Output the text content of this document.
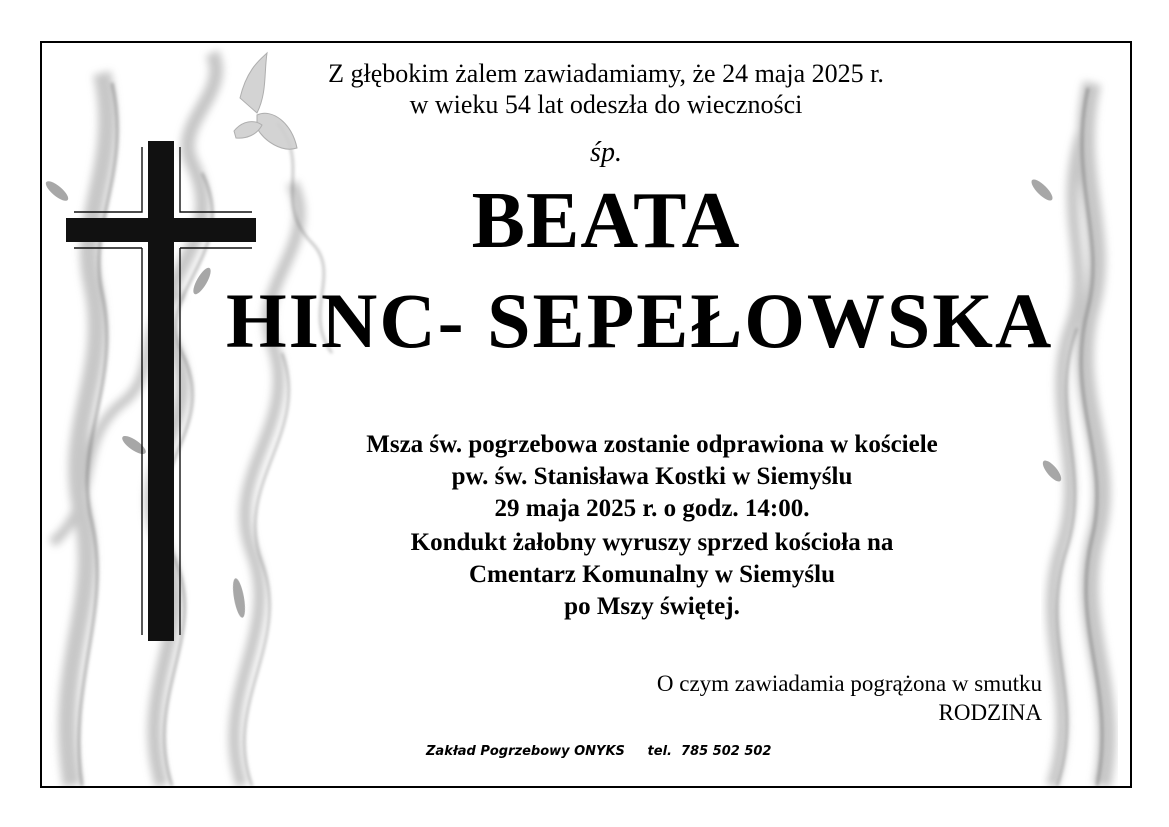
Z głębokim żalem zawiadamiamy, że 24 maja 2025 r.

w wieku 54 lat odeszła do wieczności

śp.

BEATA

HINC- SEPEŁOWSKA

Msza św. pogrzebowa zostanie odprawiona w kościele

pw. św. Stanisława Kostki w Siemyślu

29 maja 2025 r. o godz. 14:00.

Kondukt żałobny wyruszy sprzed kościoła na

Cmentarz Komunalny w Siemyślu

po Mszy świętej.

O czym zawiadamia pogrążona w smutku

RODZINA

Zakład Pogrzebowy ONYKS     tel.  785 502 502
